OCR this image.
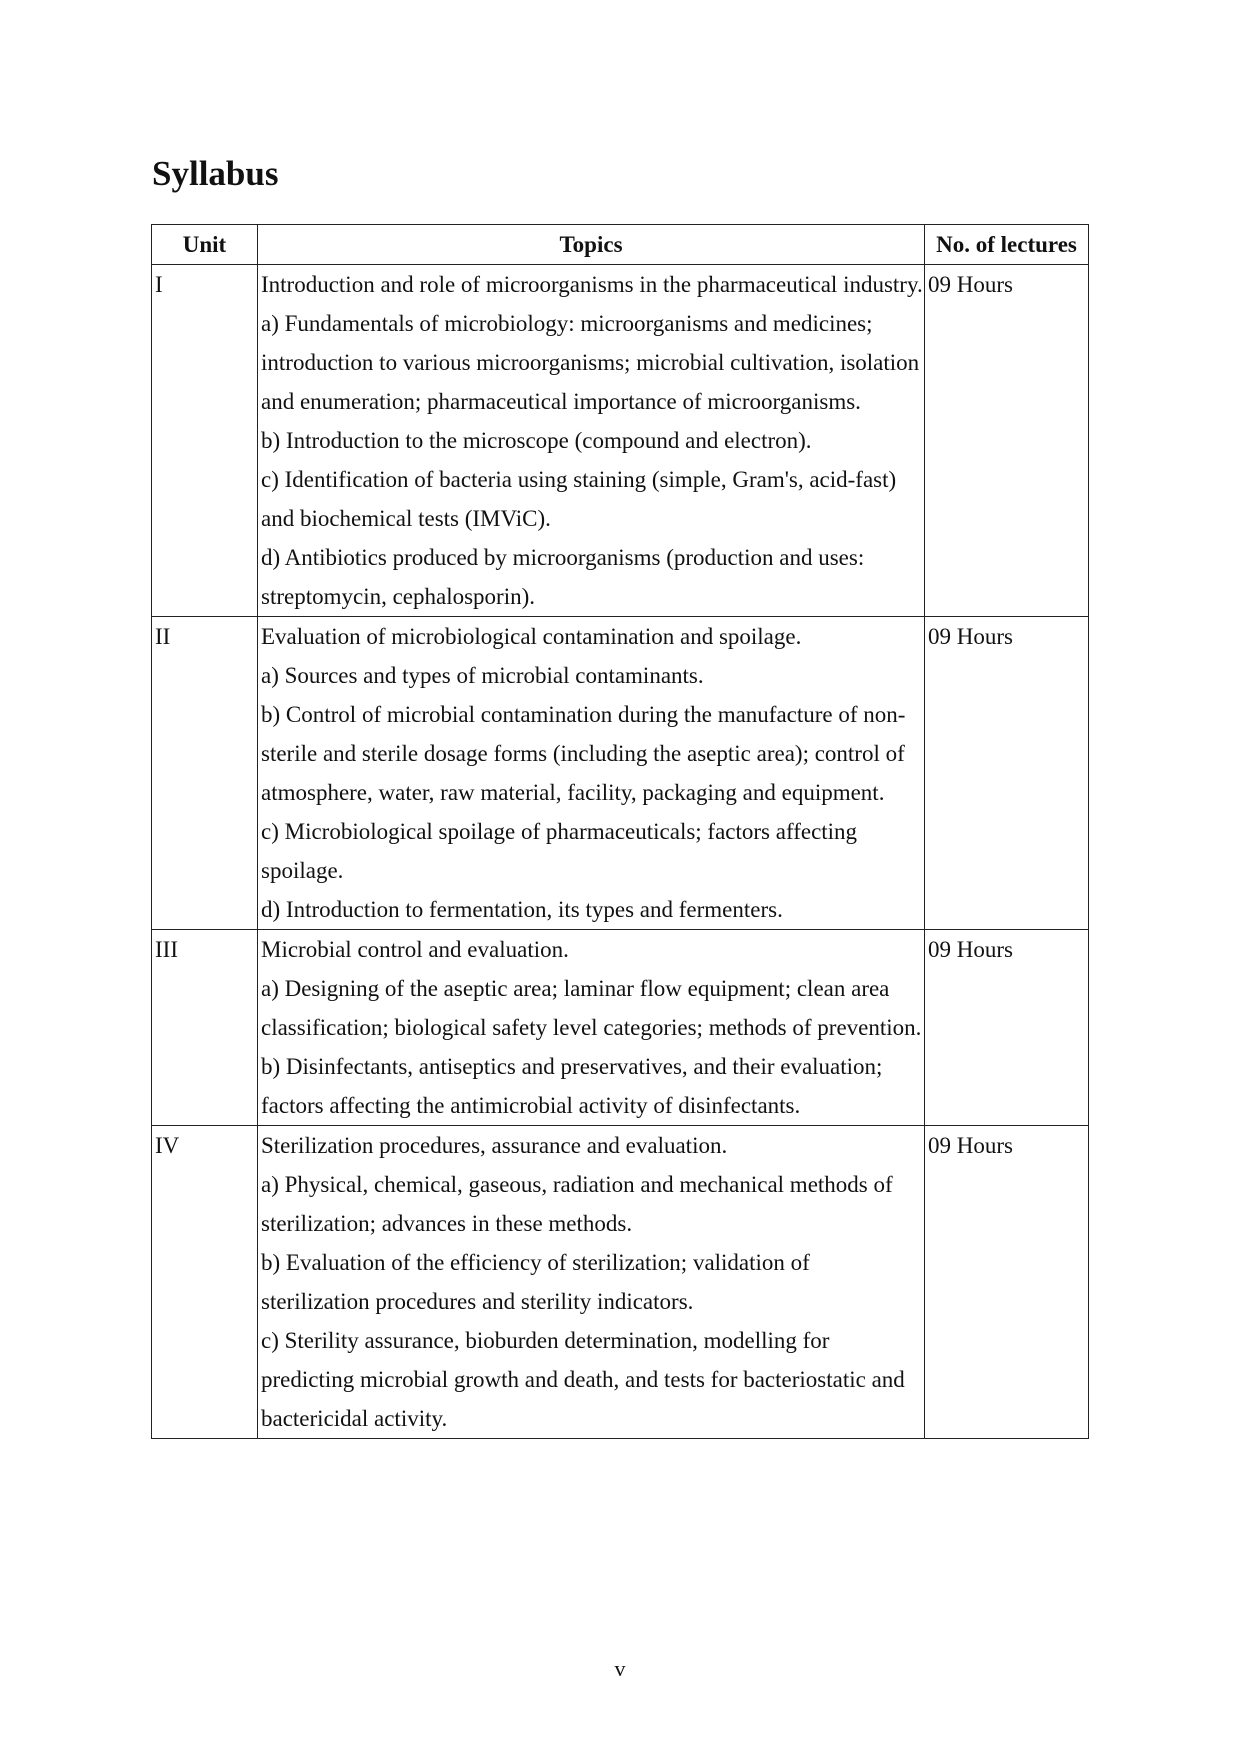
Syllabus
Unit	Topics	No. of lectures
I	Introduction and role of microorganisms in the pharmaceutical industry.
a) Fundamentals of microbiology: microorganisms and medicines; introduction to various microorganisms; microbial cultivation, isolation and enumeration; pharmaceutical importance of microorganisms.
b) Introduction to the microscope (compound and electron).
c) Identification of bacteria using staining (simple, Gram's, acid-fast) and biochemical tests (IMViC).
d) Antibiotics produced by microorganisms (production and uses: streptomycin, cephalosporin).	09 Hours
II	Evaluation of microbiological contamination and spoilage.
a) Sources and types of microbial contaminants.
b) Control of microbial contamination during the manufacture of non-sterile and sterile dosage forms (including the aseptic area); control of atmosphere, water, raw material, facility, packaging and equipment.
c) Microbiological spoilage of pharmaceuticals; factors affecting spoilage.
d) Introduction to fermentation, its types and fermenters.	09 Hours
III	Microbial control and evaluation.
a) Designing of the aseptic area; laminar flow equipment; clean area classification; biological safety level categories; methods of prevention.
b) Disinfectants, antiseptics and preservatives, and their evaluation; factors affecting the antimicrobial activity of disinfectants.	09 Hours
IV	Sterilization procedures, assurance and evaluation.
a) Physical, chemical, gaseous, radiation and mechanical methods of sterilization; advances in these methods.
b) Evaluation of the efficiency of sterilization; validation of sterilization procedures and sterility indicators.
c) Sterility assurance, bioburden determination, modelling for predicting microbial growth and death, and tests for bacteriostatic and bactericidal activity.	09 Hours
v
